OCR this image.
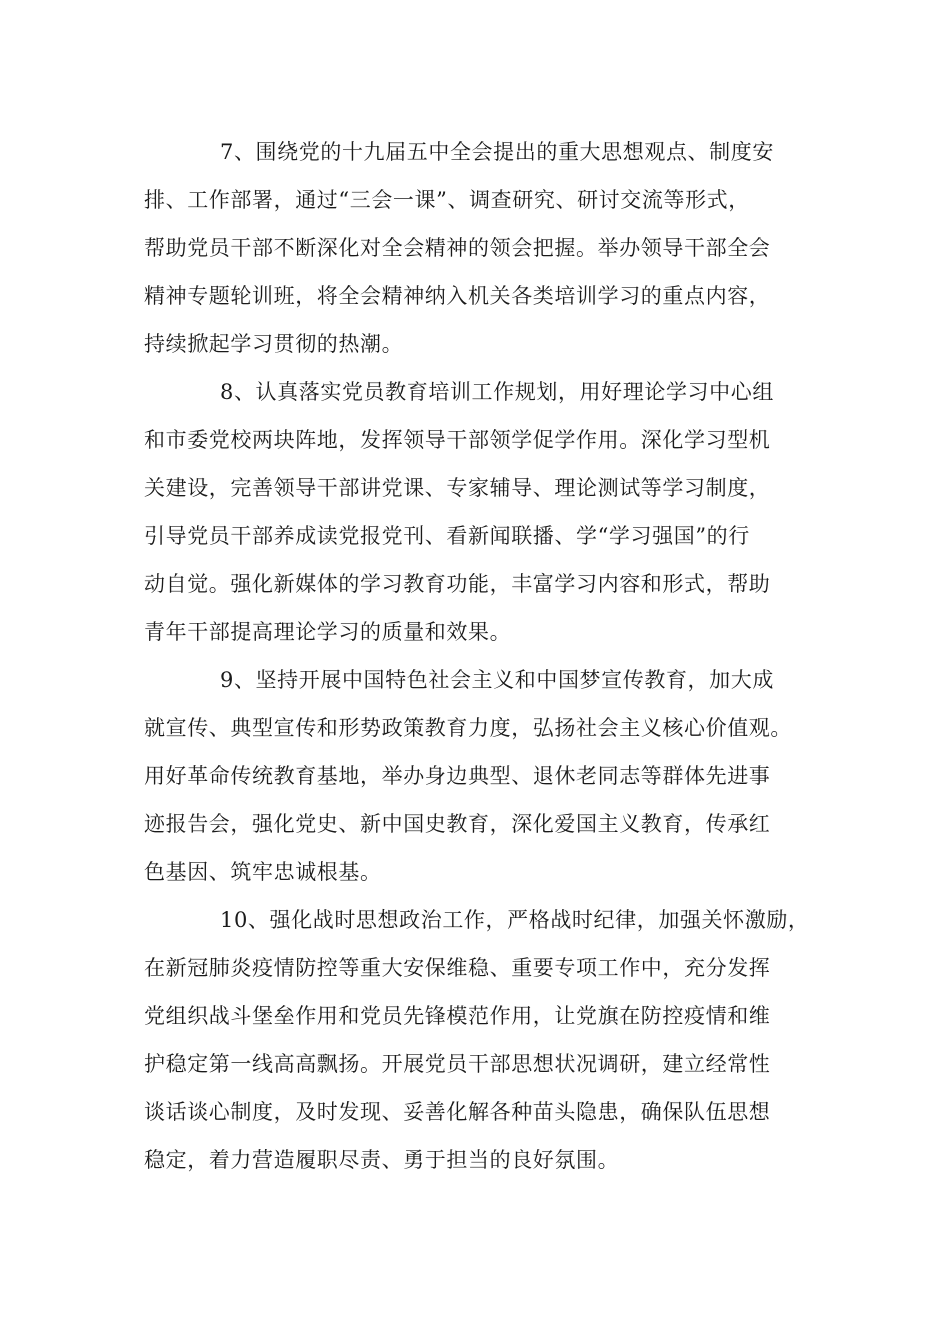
7、围绕党的十九届五中全会提出的重大思想观点、制度安
排、工作部署，通过“三会一课”、调查研究、研讨交流等形式，
帮助党员干部不断深化对全会精神的领会把握。举办领导干部全会
精神专题轮训班，将全会精神纳入机关各类培训学习的重点内容，
持续掀起学习贯彻的热潮。

8、认真落实党员教育培训工作规划，用好理论学习中心组
和市委党校两块阵地，发挥领导干部领学促学作用。深化学习型机
关建设，完善领导干部讲党课、专家辅导、理论测试等学习制度，
引导党员干部养成读党报党刊、看新闻联播、学“学习强国”的行
动自觉。强化新媒体的学习教育功能，丰富学习内容和形式，帮助
青年干部提高理论学习的质量和效果。

9、坚持开展中国特色社会主义和中国梦宣传教育，加大成
就宣传、典型宣传和形势政策教育力度，弘扬社会主义核心价值观。
用好革命传统教育基地，举办身边典型、退休老同志等群体先进事
迹报告会，强化党史、新中国史教育，深化爱国主义教育，传承红
色基因、筑牢忠诚根基。

10、强化战时思想政治工作，严格战时纪律，加强关怀激励，
在新冠肺炎疫情防控等重大安保维稳、重要专项工作中，充分发挥
党组织战斗堡垒作用和党员先锋模范作用，让党旗在防控疫情和维
护稳定第一线高高飘扬。开展党员干部思想状况调研，建立经常性
谈话谈心制度，及时发现、妥善化解各种苗头隐患，确保队伍思想
稳定，着力营造履职尽责、勇于担当的良好氛围。
